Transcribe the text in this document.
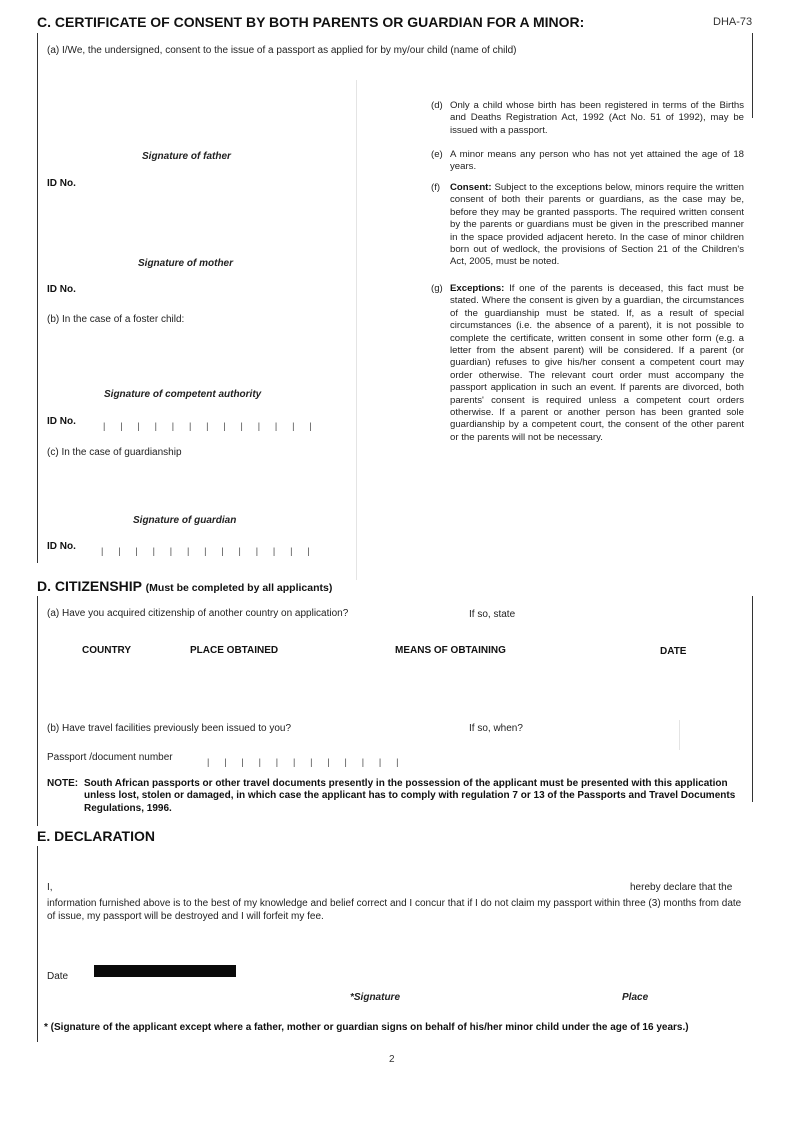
C. CERTIFICATE OF CONSENT BY BOTH PARENTS OR GUARDIAN FOR A MINOR:	DHA-73
(a) I/We, the undersigned, consent to the issue of a passport as applied for by my/our child (name of child)
Signature of father
ID No.
Signature of mother
ID No.
(b) In the case of a foster child:
Signature of competent authority
ID No.	| | | | | | | | | | | | |
(c) In the case of guardianship
Signature of guardian
ID No.	| | | | | | | | | | | | |
(d) Only a child whose birth has been registered in terms of the Births and Deaths Registration Act, 1992 (Act No. 51 of 1992), may be issued with a passport.
(e) A minor means any person who has not yet attained the age of 18 years.
(f) Consent: Subject to the exceptions below, minors require the written consent of both their parents or guardians, as the case may be, before they may be granted passports. The required written consent by the parents or guardians must be given in the prescribed manner in the space provided adjacent hereto. In the case of minor children born out of wedlock, the provisions of Section 21 of the Children's Act, 2005, must be noted.
(g) Exceptions: If one of the parents is deceased, this fact must be stated. Where the consent is given by a guardian, the circumstances of the guardianship must be stated. If, as a result of special circumstances (i.e. the absence of a parent), it is not possible to complete the certificate, written consent in some other form (e.g. a letter from the absent parent) will be considered. If a parent (or guardian) refuses to give his/her consent a competent court may order otherwise. The relevant court order must accompany the passport application in such an event. If parents are divorced, both parents' consent is required unless a competent court orders otherwise. If a parent or another person has been granted sole guardianship by a competent court, the consent of the other parent or the parents will not be necessary.
D. CITIZENSHIP (Must be completed by all applicants)
(a) Have you acquired citizenship of another country on application?	If so, state
COUNTRY	PLACE OBTAINED	MEANS OF OBTAINING	DATE
(b) Have travel facilities previously been issued to you?	If so, when?
Passport /document number	| | | | | | | | | | | |
NOTE: South African passports or other travel documents presently in the possession of the applicant must be presented with this application unless lost, stolen or damaged, in which case the applicant has to comply with regulation 7 or 13 of the Passports and Travel Documents Regulations, 1996.
E. DECLARATION
I,	hereby declare that the
information furnished above is to the best of my knowledge and belief correct and I concur that if I do not claim my passport within three (3) months from date of issue, my passport will be destroyed and I will forfeit my fee.
Date
*Signature	Place
* (Signature of the applicant except where a father, mother or guardian signs on behalf of his/her minor child under the age of 16 years.)
2
